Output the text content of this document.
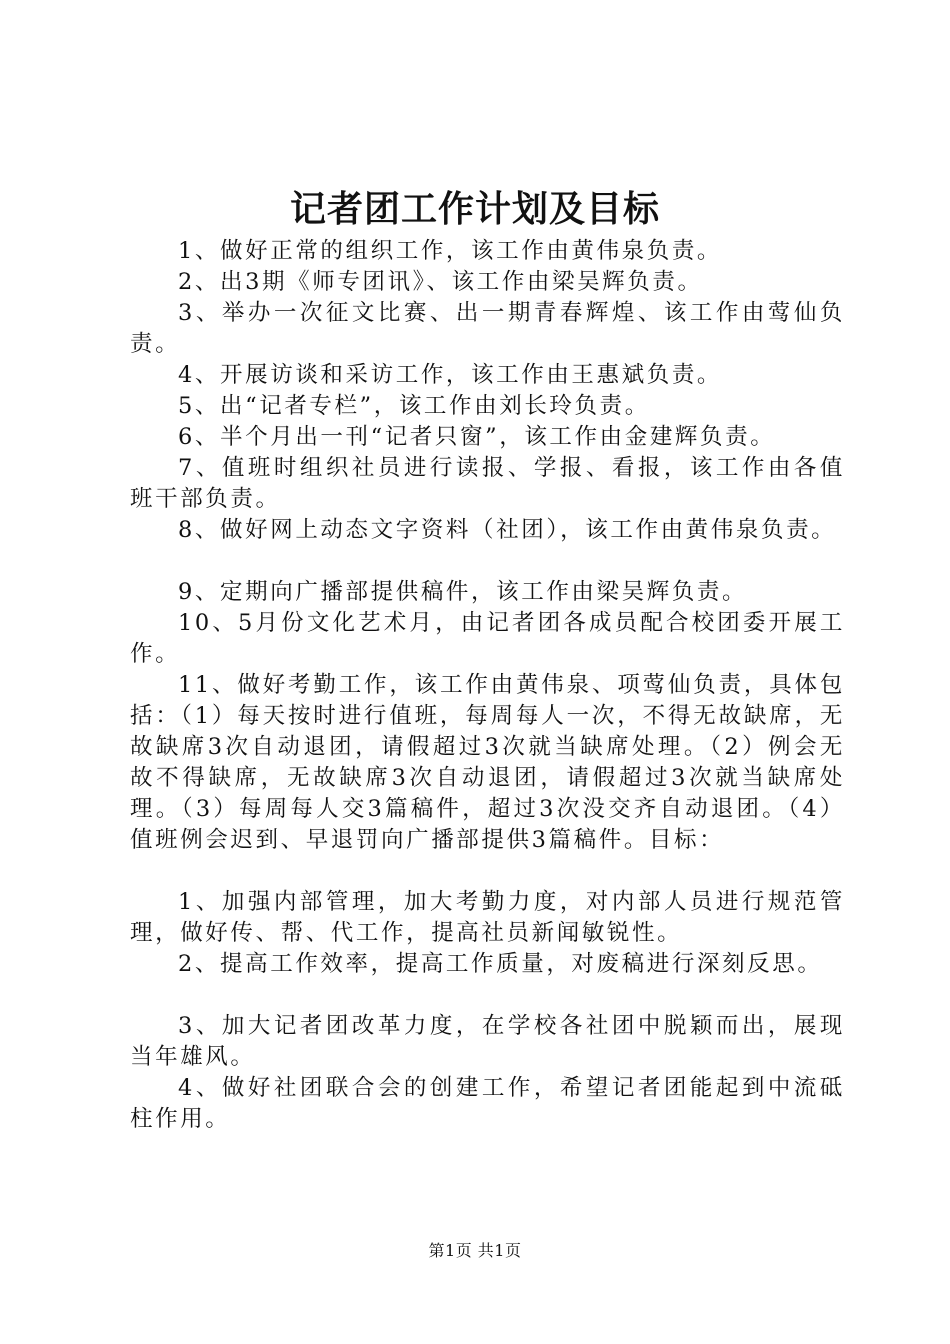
记者团工作计划及目标

1、做好正常的组织工作，该工作由黄伟泉负责。

2、出3期《师专团讯》、该工作由梁吴辉负责。

3、举办一次征文比赛、出一期青春辉煌、该工作由莺仙负责。

4、开展访谈和采访工作，该工作由王惠斌负责。

5、出“记者专栏”，该工作由刘长玲负责。

6、半个月出一刊“记者只窗”，该工作由金建辉负责。

7、值班时组织社员进行读报、学报、看报，该工作由各值班干部负责。

8、做好网上动态文字资料（社团），该工作由黄伟泉负责。

9、定期向广播部提供稿件，该工作由梁吴辉负责。

10、5月份文化艺术月，由记者团各成员配合校团委开展工作。

11、做好考勤工作，该工作由黄伟泉、项莺仙负责，具体包括：（1）每天按时进行值班，每周每人一次，不得无故缺席，无故缺席3次自动退团，请假超过3次就当缺席处理。（2）例会无故不得缺席，无故缺席3次自动退团，请假超过3次就当缺席处理。（3）每周每人交3篇稿件，超过3次没交齐自动退团。（4）值班例会迟到、早退罚向广播部提供3篇稿件。目标：

1、加强内部管理，加大考勤力度，对内部人员进行规范管理，做好传、帮、代工作，提高社员新闻敏锐性。

2、提高工作效率，提高工作质量，对废稿进行深刻反思。

3、加大记者团改革力度，在学校各社团中脱颖而出，展现当年雄风。

4、做好社团联合会的创建工作，希望记者团能起到中流砥柱作用。

第1页 共1页
